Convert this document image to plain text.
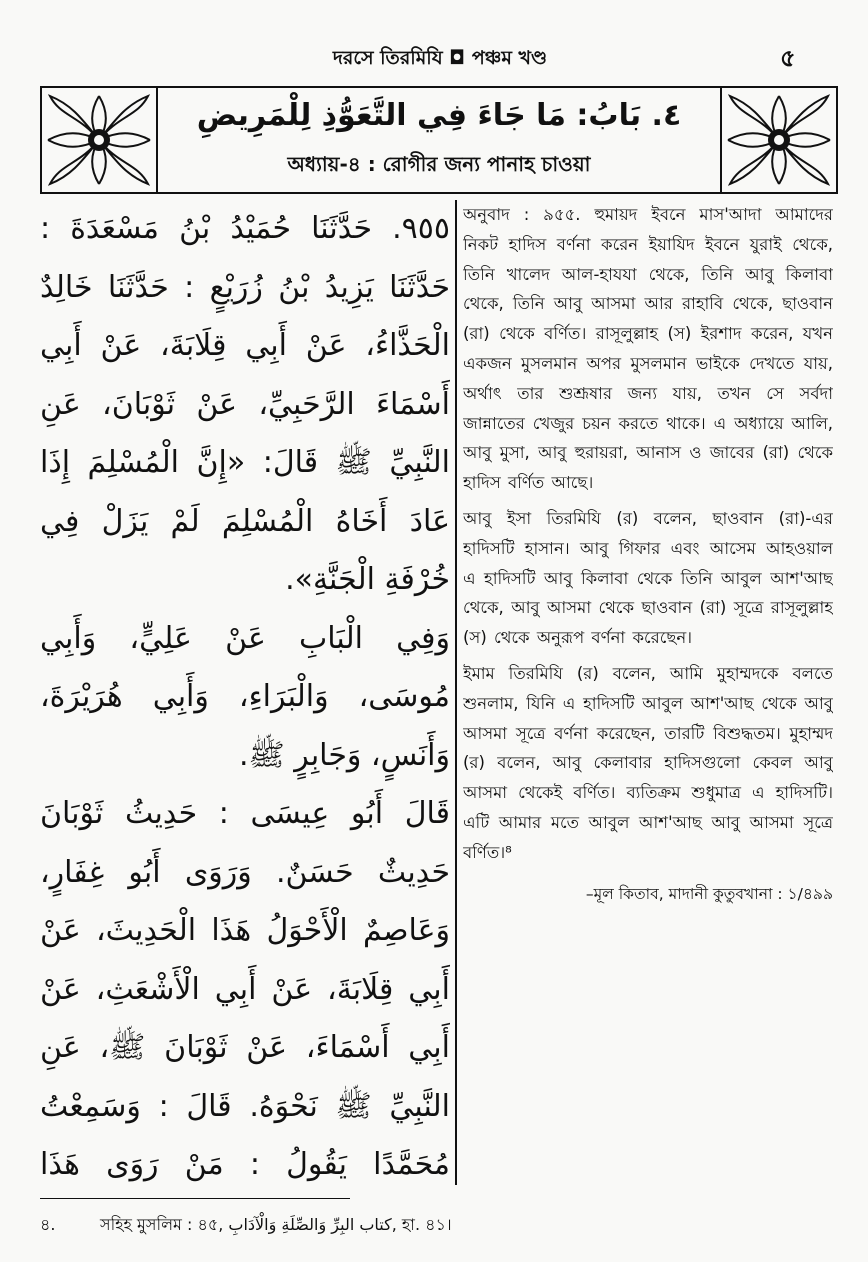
দরসে তিরমিযি ◘ পঞ্চম খণ্ড	৫
٤. بَابُ: مَا جَاءَ فِي التَّعَوُّذِ لِلْمَرِيضِ
অধ্যায়-৪ : রোগীর জন্য পানাহ চাওয়া

٩٥٥. حَدَّثَنَا حُمَيْدُ بْنُ مَسْعَدَةَ : حَدَّثَنَا يَزِيدُ بْنُ زُرَيْعٍ : حَدَّثَنَا خَالِدٌ الْحَذَّاءُ، عَنْ أَبِي قِلَابَةَ، عَنْ أَبِي أَسْمَاءَ الرَّحَبِيِّ، عَنْ ثَوْبَانَ، عَنِ النَّبِيِّ ﷺ قَالَ: «إِنَّ الْمُسْلِمَ إِذَا عَادَ أَخَاهُ الْمُسْلِمَ لَمْ يَزَلْ فِي خُرْفَةِ الْجَنَّةِ».

وَفِي الْبَابِ عَنْ عَلِيٍّ، وَأَبِي مُوسَى، وَالْبَرَاءِ، وَأَبِي هُرَيْرَةَ، وَأَنَسٍ، وَجَابِرٍ ﷺ.

قَالَ أَبُو عِيسَى : حَدِيثُ ثَوْبَانَ حَدِيثٌ حَسَنٌ. وَرَوَى أَبُو غِفَارٍ، وَعَاصِمٌ الْأَحْوَلُ هَذَا الْحَدِيثَ، عَنْ أَبِي قِلَابَةَ، عَنْ أَبِي الْأَشْعَثِ، عَنْ أَبِي أَسْمَاءَ، عَنْ ثَوْبَانَ ﷺ، عَنِ النَّبِيِّ ﷺ نَحْوَهُ. قَالَ : وَسَمِعْتُ مُحَمَّدًا يَقُولُ : مَنْ رَوَى هَذَا

অনুবাদ : ৯৫৫. হুমায়দ ইবনে মাস'আদা আমাদের নিকট হাদিস বর্ণনা করেন ইয়াযিদ ইবনে যুরাই থেকে, তিনি খালেদ আল-হাযযা থেকে, তিনি আবু কিলাবা থেকে, তিনি আবু আসমা আর রাহাবি থেকে, ছাওবান (রা) থেকে বর্ণিত। রাসূলুল্লাহ (স) ইরশাদ করেন, যখন একজন মুসলমান অপর মুসলমান ভাইকে দেখতে যায়, অর্থাৎ তার শুশ্রূষার জন্য যায়, তখন সে সর্বদা জান্নাতের খেজুর চয়ন করতে থাকে। এ অধ্যায়ে আলি, আবু মুসা, আবু হুরায়রা, আনাস ও জাবের (রা) থেকে হাদিস বর্ণিত আছে।

আবু ইসা তিরমিযি (র) বলেন, ছাওবান (রা)-এর হাদিসটি হাসান। আবু গিফার এবং আসেম আহওয়াল এ হাদিসটি আবু কিলাবা থেকে তিনি আবুল আশ'আছ থেকে, আবু আসমা থেকে ছাওবান (রা) সূত্রে রাসূলুল্লাহ (স) থেকে অনুরূপ বর্ণনা করেছেন।

ইমাম তিরমিযি (র) বলেন, আমি মুহাম্মদকে বলতে শুনলাম, যিনি এ হাদিসটি আবুল আশ'আছ থেকে আবু আসমা সূত্রে বর্ণনা করেছেন, তারটি বিশুদ্ধতম। মুহাম্মদ (র) বলেন, আবু কেলাবার হাদিসগুলো কেবল আবু আসমা থেকেই বর্ণিত। ব্যতিক্রম শুধুমাত্র এ হাদিসটি। এটি আমার মতে আবুল আশ'আছ আবু আসমা সূত্রে বর্ণিত।⁸

–মূল কিতাব, মাদানী কুতুবখানা : ১/৪৯৯
৪.	সহিহ মুসলিম : ৪৫, كتاب البِرِّ وَالصِّلَةِ وَالْآدَابِ, হা. ৪১।
